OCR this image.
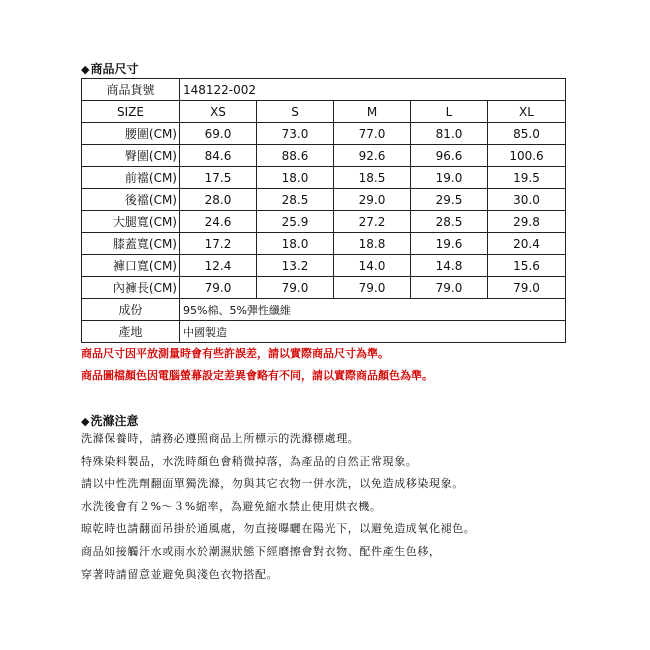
◆商品尺寸
商品貨號	148122-002				
SIZE	XS	S	M	L	XL
腰圍(CM)	69.0	73.0	77.0	81.0	85.0
臀圍(CM)	84.6	88.6	92.6	96.6	100.6
前襠(CM)	17.5	18.0	18.5	19.0	19.5
後襠(CM)	28.0	28.5	29.0	29.5	30.0
大腿寬(CM)	24.6	25.9	27.2	28.5	29.8
膝蓋寬(CM)	17.2	18.0	18.8	19.6	20.4
褲口寬(CM)	12.4	13.2	14.0	14.8	15.6
內褲長(CM)	79.0	79.0	79.0	79.0	79.0
成份	95%棉、5%彈性纖維				
產地	中國製造				
商品尺寸因平放測量時會有些許誤差，請以實際商品尺寸為準。
商品圖檔顏色因電腦螢幕設定差異會略有不同，請以實際商品顏色為準。
◆洗滌注意
洗滌保養時，請務必遵照商品上所標示的洗滌標處理。
特殊染料製品，水洗時顏色會稍微掉落，為產品的自然正常現象。
請以中性洗劑翻面單獨洗滌，勿與其它衣物一併水洗，以免造成移染現象。
水洗後會有２%～３%縮率，為避免縮水禁止使用烘衣機。
晾乾時也請翻面吊掛於通風處，勿直接曝曬在陽光下，以避免造成氧化褪色。
商品如接觸汗水或雨水於潮濕狀態下經磨擦會對衣物、配件產生色移，
穿著時請留意並避免與淺色衣物搭配。
